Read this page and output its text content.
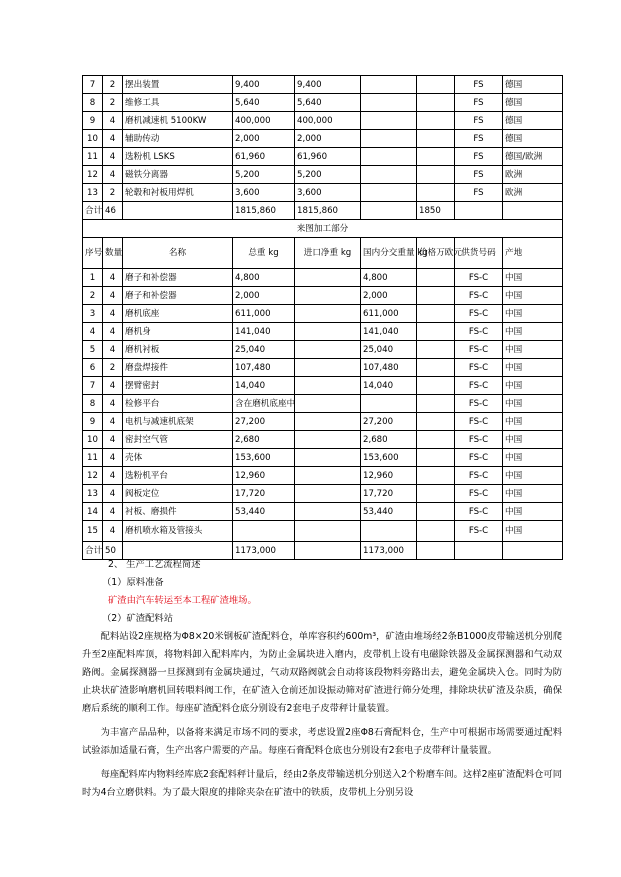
7	2	摆出装置	9,400	9,400			FS	德国
8	2	维修工具	5,640	5,640			FS	德国
9	4	磨机减速机 5100KW	400,000	400,000			FS	德国
10	4	辅助传动	2,000	2,000			FS	德国
11	4	选粉机 LSKS	61,960	61,960			FS	德国/欧洲
12	4	磁铁分离器	5,200	5,200			FS	欧洲
13	2	轮毂和衬板用焊机	3,600	3,600			FS	欧洲
合计	46		1815,860	1815,860		1850		
来图加工部分								
序号	数量	名称	总重 kg	进口净重 kg	国内分交重量 kg	价格万欧元	供货号码	产地
1	4	磨子和补偿器	4,800		4,800		FS-C	中国
2	4	磨子和补偿器	2,000		2,000		FS-C	中国
3	4	磨机底座	611,000		611,000		FS-C	中国
4	4	磨机身	141,040		141,040		FS-C	中国
5	4	磨机衬板	25,040		25,040		FS-C	中国
6	2	磨盘焊接件	107,480		107,480		FS-C	中国
7	4	摆臂密封	14,040		14,040		FS-C	中国
8	4	检修平台	含在磨机底座中				FS-C	中国
9	4	电机与减速机底架	27,200		27,200		FS-C	中国
10	4	密封空气管	2,680		2,680		FS-C	中国
11	4	壳体	153,600		153,600		FS-C	中国
12	4	选粉机平台	12,960		12,960		FS-C	中国
13	4	阀板定位	17,720		17,720		FS-C	中国
14	4	衬板、磨损件	53,440		53,440		FS-C	中国
15	4	磨机喷水箱及管接头					FS-C	中国
合计	50		1173,000		1173,000			
2、 生产工艺流程简述
（1）原料准备
矿渣由汽车转运至本工程矿渣堆场。
（2）矿渣配料站
配料站设2座规格为Φ8×20米钢板矿渣配料仓，单库容积约600m³，矿渣由堆场经2条B1000皮带输送机分别爬升至2座配料库顶，将物料卸入配料库内，为防止金属块进入磨内，皮带机上设有电磁除铁器及金属探测器和气动双路阀。金属探测器一旦探测到有金属块通过，气动双路阀就会自动将该段物料旁路出去，避免金属块入仓。同时为防止块状矿渣影响磨机回转喂料阀工作，在矿渣入仓前还加设振动筛对矿渣进行筛分处理，排除块状矿渣及杂质，确保磨后系统的顺利工作。每座矿渣配料仓底分别设有2套电子皮带秤计量装置。
为丰富产品品种，以备将来满足市场不同的要求，考虑设置2座Φ8石膏配料仓，生产中可根据市场需要通过配料试验添加适量石膏，生产出客户需要的产品。每座石膏配料仓底也分别设有2套电子皮带秤计量装置。
每座配料库内物料经库底2套配料秤计量后，经由2条皮带输送机分别送入2个粉磨车间。这样2座矿渣配料仓可同时为4台立磨供料。为了最大限度的排除夹杂在矿渣中的铁质，皮带机上分别另设
